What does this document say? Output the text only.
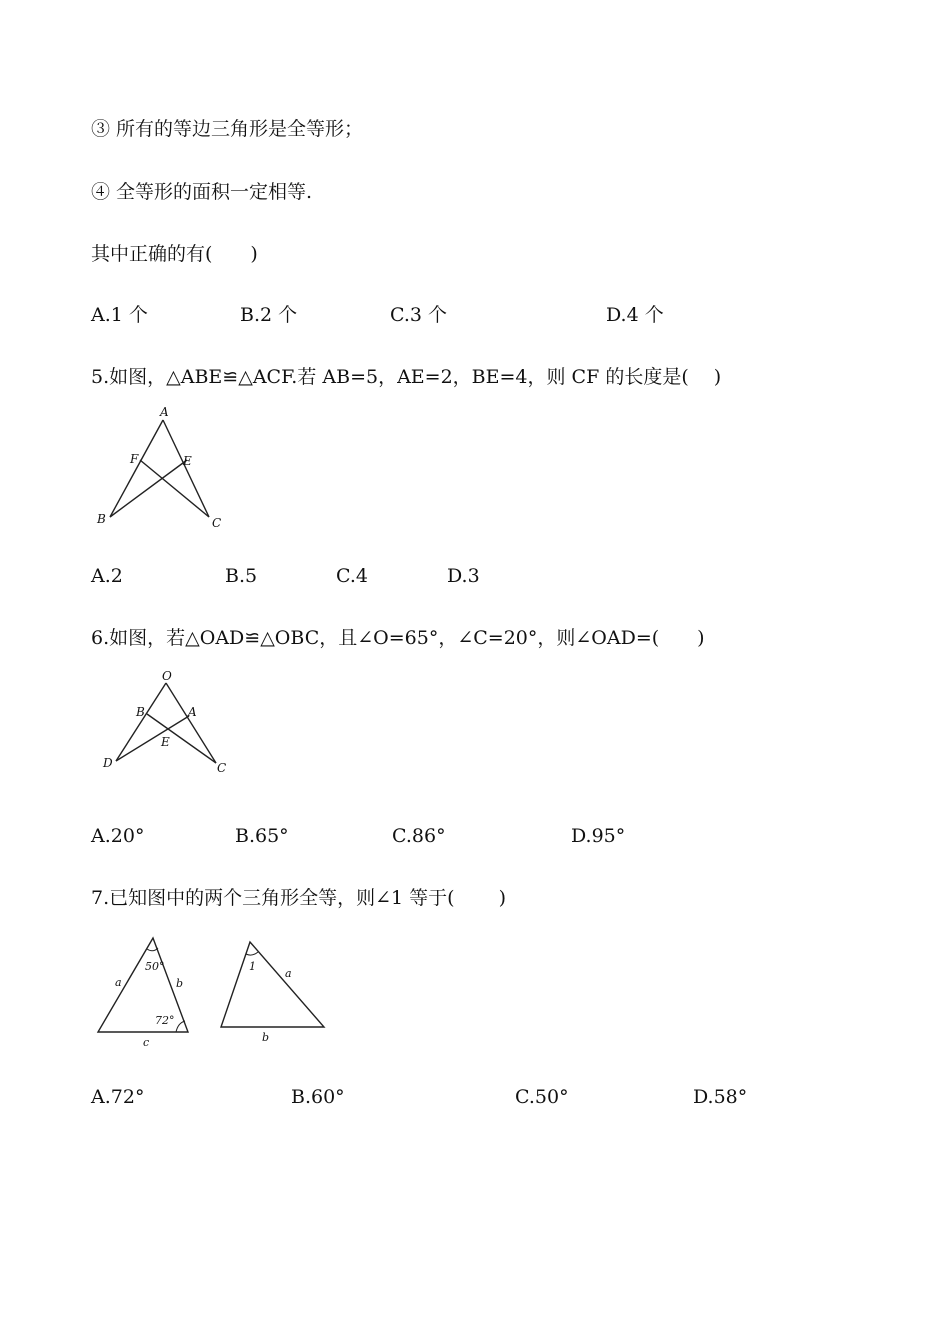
③ 所有的等边三角形是全等形；
④ 全等形的面积一定相等.
其中正确的有(　　)
A.1 个	B.2 个	C.3 个	D.4 个
5.如图，△ABE≌△ACF.若 AB=5，AE=2，BE=4，则 CF 的长度是(　 )
A
F	E
B	C
A.2	B.5	C.4	D.3
6.如图，若△OAD≌△OBC，且∠O=65°，∠C=20°，则∠OAD=(　　)
O
B	A
E
D	C
A.20°	B.65°	C.86°	D.95°
7.已知图中的两个三角形全等，则∠1 等于(　　 )
50°
72°
a	b
c
1
a
b
A.72°	B.60°	C.50°	D.58°
